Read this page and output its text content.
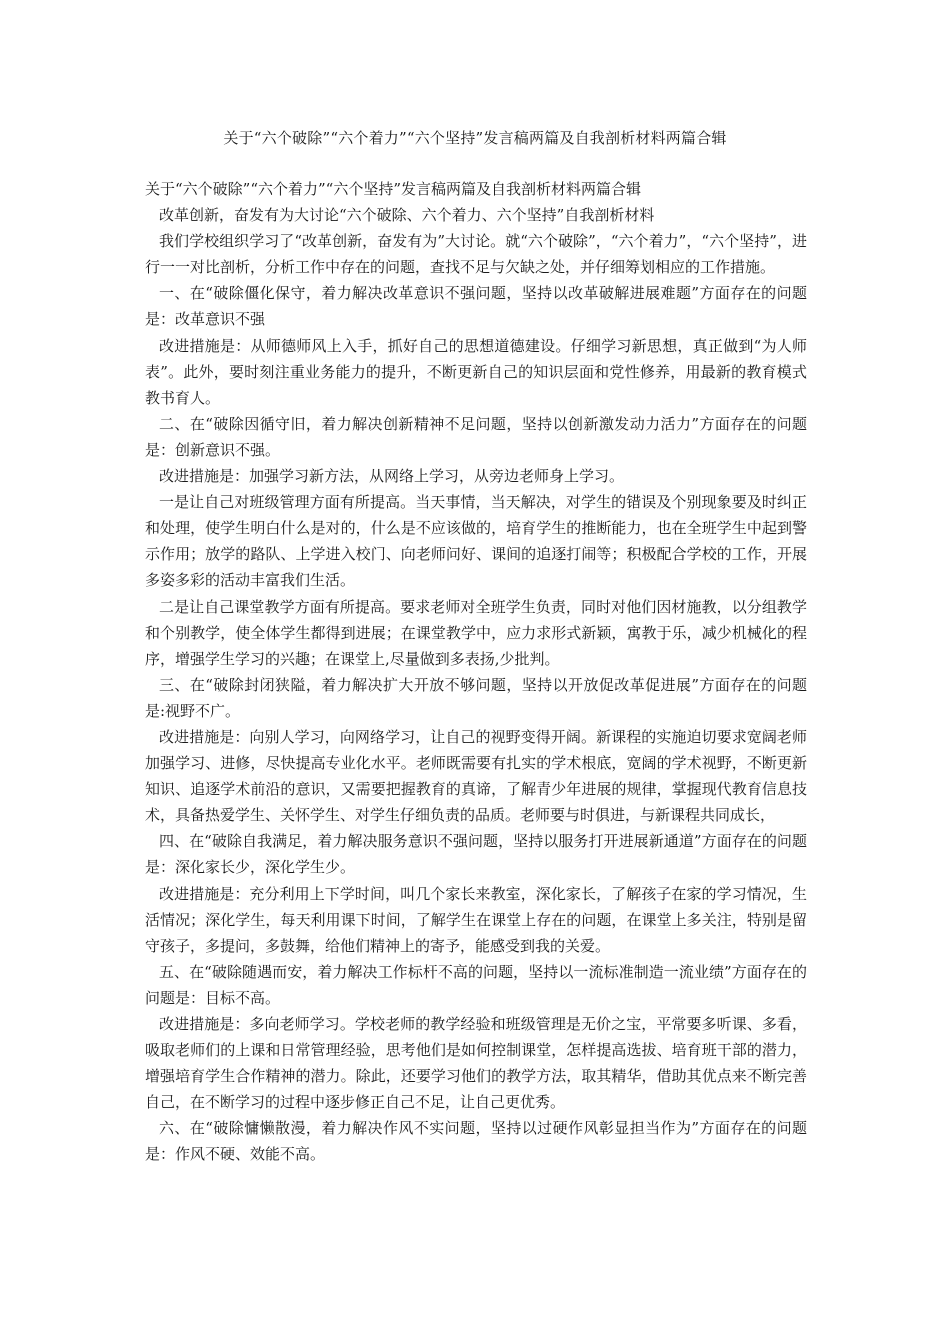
关于“六个破除”“六个着力”“六个坚持”发言稿两篇及自我剖析材料两篇合辑

关于“六个破除”“六个着力”“六个坚持”发言稿两篇及自我剖析材料两篇合辑

改革创新，奋发有为大讨论“六个破除、六个着力、六个坚持”自我剖析材料

我们学校组织学习了“改革创新，奋发有为”大讨论。就“六个破除”，“六个着力”，“六个坚持”，进行一一对比剖析，分析工作中存在的问题，查找不足与欠缺之处，并仔细筹划相应的工作措施。

一、在“破除僵化保守，着力解决改革意识不强问题，坚持以改革破解进展难题”方面存在的问题是：改革意识不强

改进措施是：从师德师风上入手，抓好自己的思想道德建设。仔细学习新思想，真正做到“为人师表”。此外，要时刻注重业务能力的提升，不断更新自己的知识层面和党性修养，用最新的教育模式教书育人。

二、在“破除因循守旧，着力解决创新精神不足问题，坚持以创新激发动力活力”方面存在的问题是：创新意识不强。

改进措施是：加强学习新方法，从网络上学习，从旁边老师身上学习。

一是让自己对班级管理方面有所提高。当天事情，当天解决，对学生的错误及个别现象要及时纠正和处理，使学生明白什么是对的，什么是不应该做的，培育学生的推断能力，也在全班学生中起到警示作用；放学的路队、上学进入校门、向老师问好、课间的追逐打闹等；积极配合学校的工作，开展多姿多彩的活动丰富我们生活。

二是让自己课堂教学方面有所提高。要求老师对全班学生负责，同时对他们因材施教，以分组教学和个别教学，使全体学生都得到进展；在课堂教学中，应力求形式新颖，寓教于乐，减少机械化的程序，增强学生学习的兴趣；在课堂上,尽量做到多表扬,少批判。

三、在“破除封闭狭隘，着力解决扩大开放不够问题，坚持以开放促改革促进展”方面存在的问题是:视野不广。

改进措施是：向别人学习，向网络学习，让自己的视野变得开阔。新课程的实施迫切要求宽阔老师加强学习、进修，尽快提高专业化水平。老师既需要有扎实的学术根底，宽阔的学术视野，不断更新知识、追逐学术前沿的意识，又需要把握教育的真谛，了解青少年进展的规律，掌握现代教育信息技术，具备热爱学生、关怀学生、对学生仔细负责的品质。老师要与时俱进，与新课程共同成长，

四、在“破除自我满足，着力解决服务意识不强问题，坚持以服务打开进展新通道”方面存在的问题是：深化家长少，深化学生少。

改进措施是：充分利用上下学时间，叫几个家长来教室，深化家长，了解孩子在家的学习情况，生活情况；深化学生，每天利用课下时间，了解学生在课堂上存在的问题，在课堂上多关注，特别是留守孩子，多提问，多鼓舞，给他们精神上的寄予，能感受到我的关爱。

五、在“破除随遇而安，着力解决工作标杆不高的问题，坚持以一流标准制造一流业绩”方面存在的问题是：目标不高。

改进措施是：多向老师学习。学校老师的教学经验和班级管理是无价之宝，平常要多听课、多看，吸取老师们的上课和日常管理经验，思考他们是如何控制课堂，怎样提高选拔、培育班干部的潜力，增强培育学生合作精神的潜力。除此，还要学习他们的教学方法，取其精华，借助其优点来不断完善自己，在不断学习的过程中逐步修正自己不足，让自己更优秀。

六、在“破除慵懒散漫，着力解决作风不实问题，坚持以过硬作风彰显担当作为”方面存在的问题是：作风不硬、效能不高。
